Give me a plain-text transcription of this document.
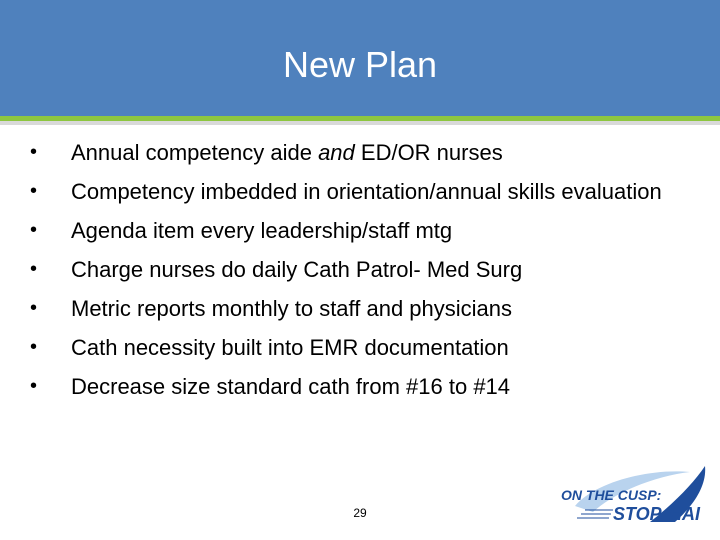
New Plan
• Annual competency aide and ED/OR nurses
• Competency imbedded in orientation/annual skills evaluation
• Agenda item every leadership/staff mtg
• Charge nurses do daily Cath Patrol- Med Surg
• Metric reports monthly to staff and physicians
• Cath necessity built into EMR documentation
• Decrease size standard cath from #16 to #14
29
ON THE CUSP:
STOP HAI
